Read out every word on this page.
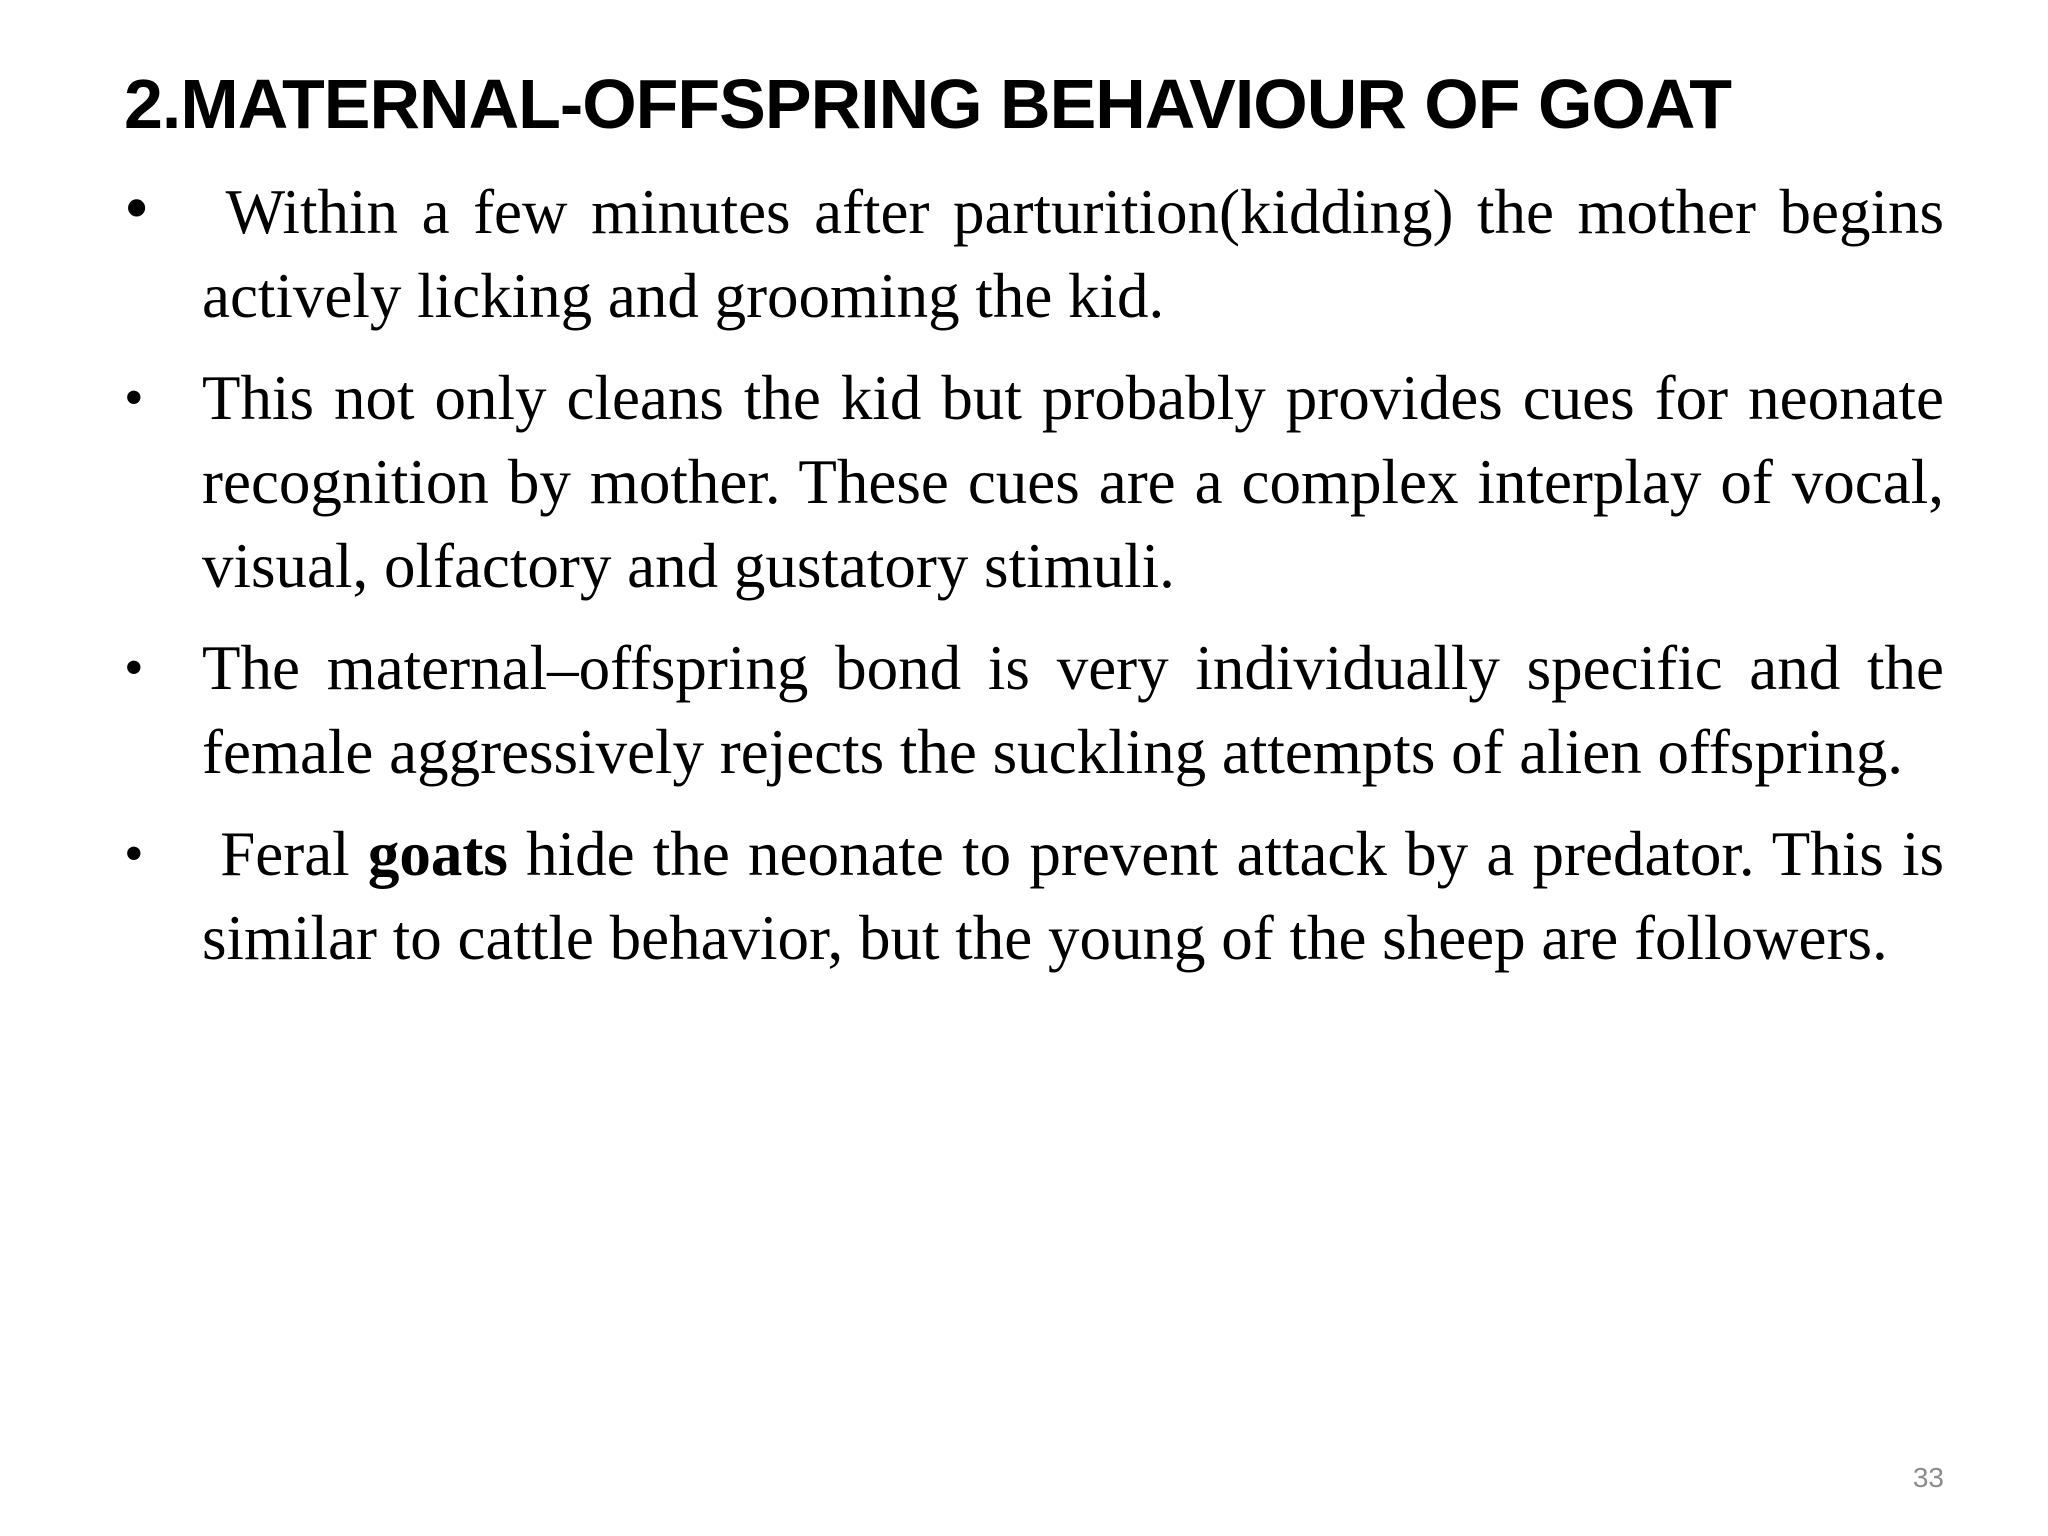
2.MATERNAL-OFFSPRING BEHAVIOUR OF GOAT
• Within a few minutes after parturition(kidding) the mother begins actively licking and grooming the kid.
• This not only cleans the kid but probably provides cues for neonate recognition by mother. These cues are a complex interplay of vocal, visual, olfactory and gustatory stimuli.
• The maternal–offspring bond is very individually specific and the female aggressively rejects the suckling attempts of alien offspring.
• Feral goats hide the neonate to prevent attack by a predator. This is similar to cattle behavior, but the young of the sheep are followers.
33
